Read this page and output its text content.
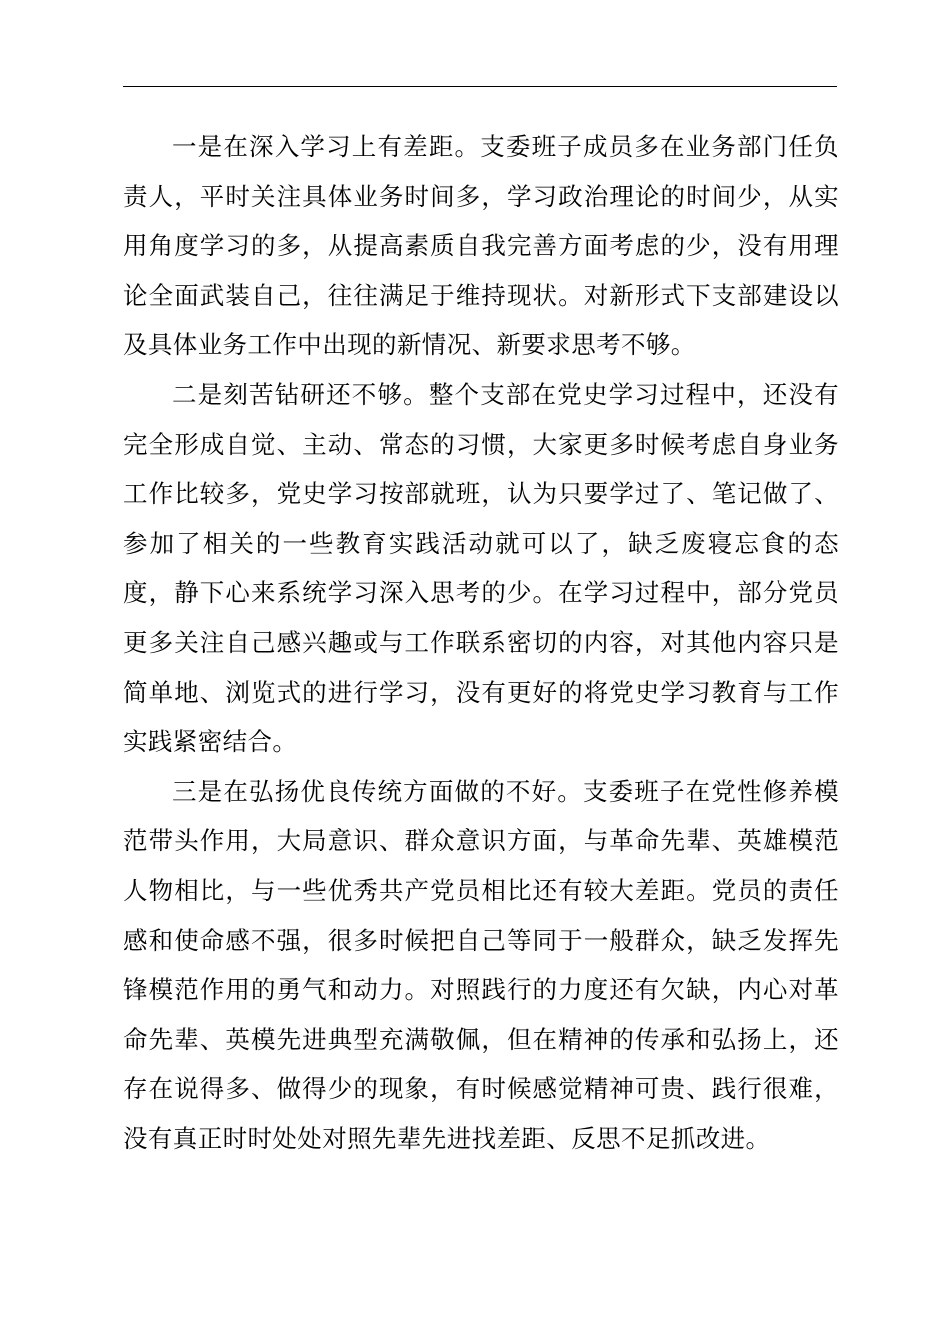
一是在深入学习上有差距。支委班子成员多在业务部门任负责人，平时关注具体业务时间多，学习政治理论的时间少，从实用角度学习的多，从提高素质自我完善方面考虑的少，没有用理论全面武装自己，往往满足于维持现状。对新形式下支部建设以及具体业务工作中出现的新情况、新要求思考不够。

二是刻苦钻研还不够。整个支部在党史学习过程中，还没有完全形成自觉、主动、常态的习惯，大家更多时候考虑自身业务工作比较多，党史学习按部就班，认为只要学过了、笔记做了、参加了相关的一些教育实践活动就可以了，缺乏废寝忘食的态度，静下心来系统学习深入思考的少。在学习过程中，部分党员更多关注自己感兴趣或与工作联系密切的内容，对其他内容只是简单地、浏览式的进行学习，没有更好的将党史学习教育与工作实践紧密结合。

三是在弘扬优良传统方面做的不好。支委班子在党性修养模范带头作用，大局意识、群众意识方面，与革命先辈、英雄模范人物相比，与一些优秀共产党员相比还有较大差距。党员的责任感和使命感不强，很多时候把自己等同于一般群众，缺乏发挥先锋模范作用的勇气和动力。对照践行的力度还有欠缺，内心对革命先辈、英模先进典型充满敬佩，但在精神的传承和弘扬上，还存在说得多、做得少的现象，有时候感觉精神可贵、践行很难，没有真正时时处处对照先辈先进找差距、反思不足抓改进。
